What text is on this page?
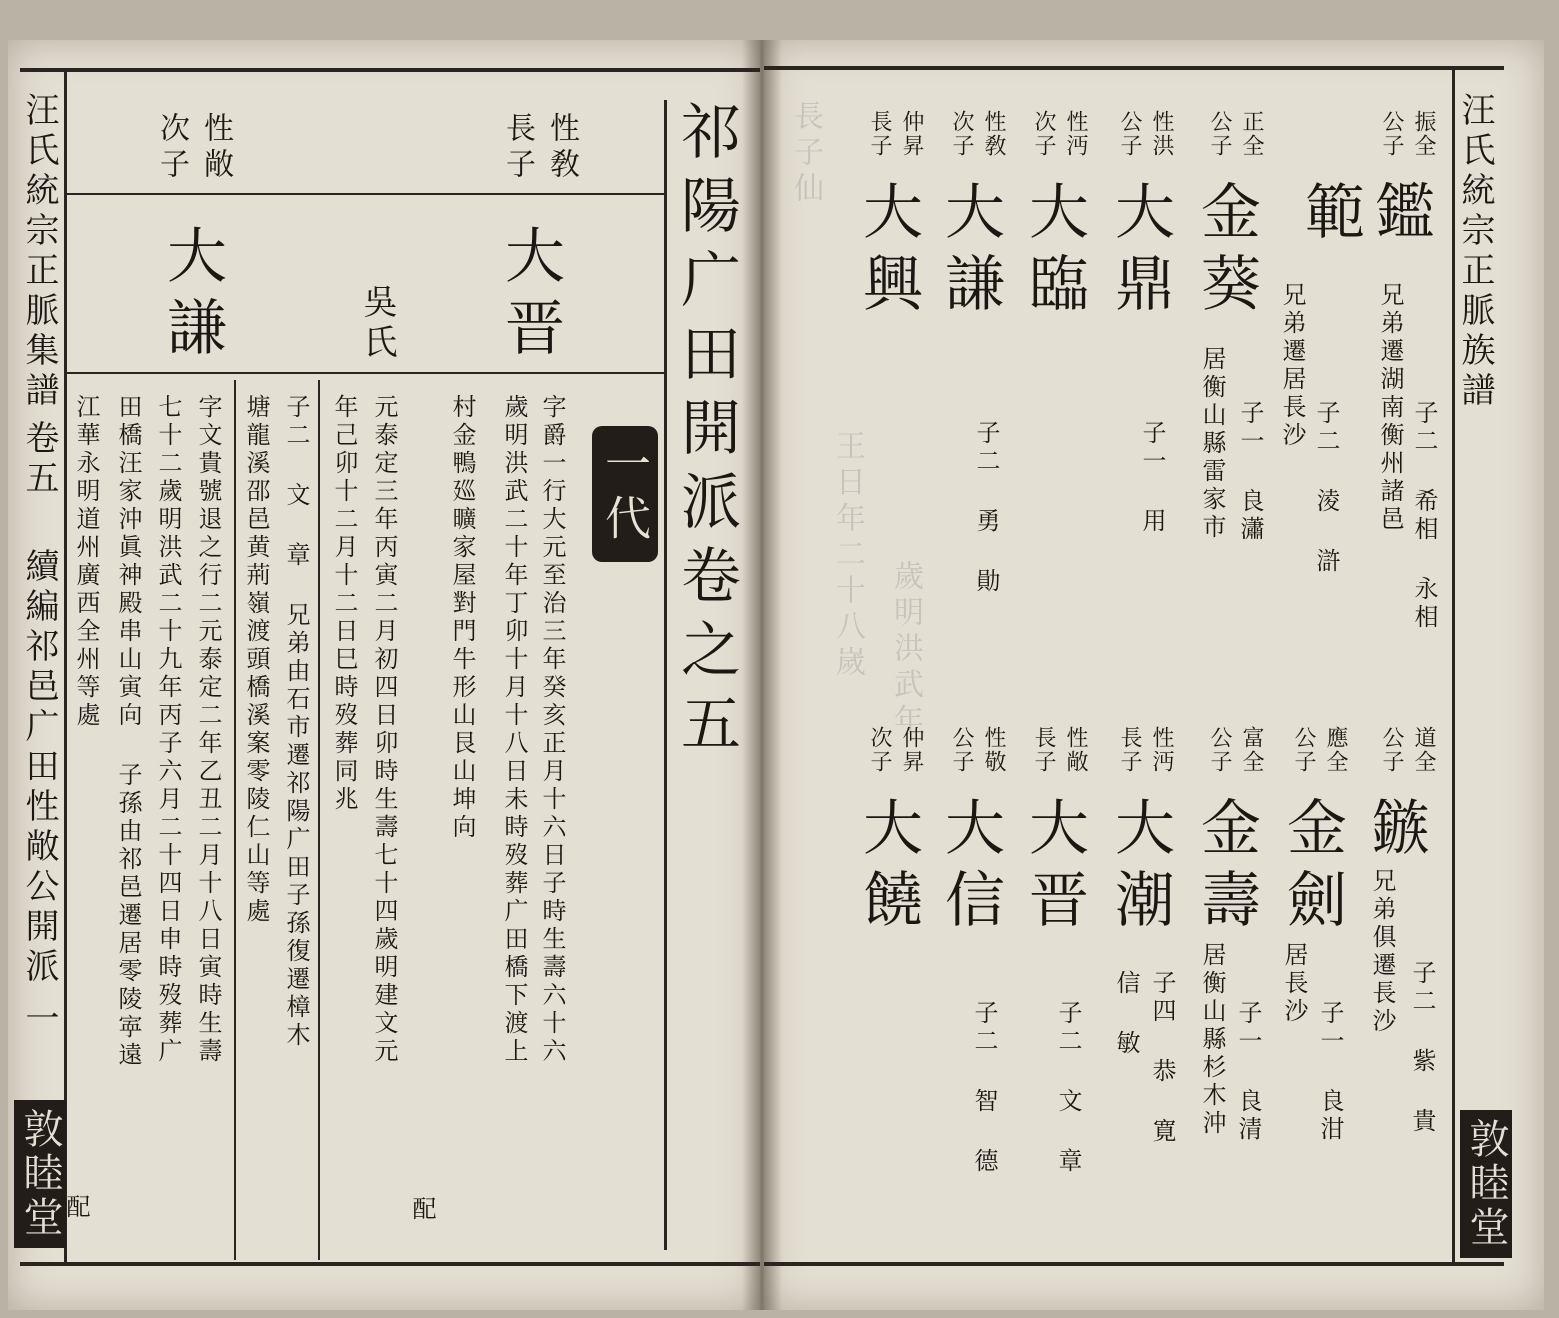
汪氏統宗正脈集譜
卷五
續編祁邑广田性敞公開派
一
敦睦堂
祁陽广田開派卷之五
一代
性敎
長子
性敞
次子
大晋
大謙	吳氏
字爵一行大元至治三年癸亥正月十六日子時生壽六十六
歲明洪武二十年丁卯十月十八日未時歿葬广田橋下渡上
村金鴨廵曠家屋對門牛形山艮山坤向
配
元泰定三年丙寅二月初四日卯時生壽七十四歲明建文元
年己卯十二月十二日巳時歿葬同兆
子二 文 章 兄弟由石市遷祁陽广田子孫復遷樟木
塘龍溪邵邑黄荊嶺渡頭橋溪案零陵仁山等處
字文貴號退之行二元泰定二年乙丑二月十八日寅時生壽
七十二歲明洪武二十九年丙子六月二十四日申時歿葬广
田橋汪家沖眞神殿串山寅向 子孫由祁邑遷居零陵𡨴遠
江華永明道州廣西全州等處
配
汪氏統宗正脈族譜
敦睦堂
長子仙
王日年二十八嵗 歲明洪武年
振全
公子
鑑
子二 希相 永相
兄弟遷湖南衡州諸邑
範
子二 淩 滸
兄弟遷居長沙
正全
公子
金葵
子一 良瀟
居衡山縣雷家市
性洪
公子
大鼎
子一 用
性沔
次子
大臨
性敎
次子
大謙
子二 勇 勛
仲昇
長子
大興
道全
公子
鏃
子二 紫 貴
兄弟俱遷長沙
應全
公子
金劍
子一 良泔
居長沙
富全
公子
金壽
子一 良清
居衡山縣杉木沖
性沔
長子
大潮
子四 恭 寛
信 敏
性敞
長子
大晋
子二 文 章
性敬
公子
大信
子二 智 德
仲昇
次子
大饒
